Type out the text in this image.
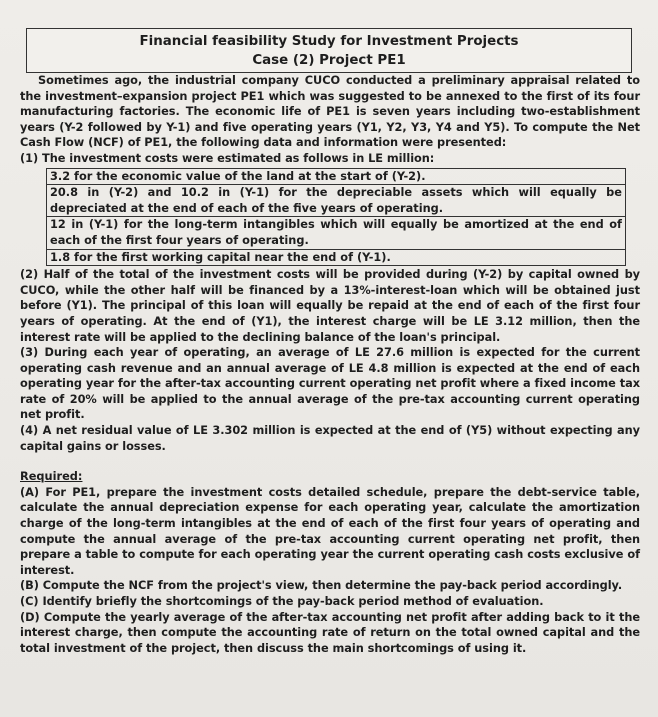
Financial feasibility Study for Investment Projects
Case (2) Project PE1

Sometimes ago, the industrial company CUCO conducted a preliminary appraisal related to the investment–expansion project PE1 which was suggested to be annexed to the first of its four manufacturing factories. The economic life of PE1 is seven years including two-establishment years (Y-2 followed by Y-1) and five operating years (Y1, Y2, Y3, Y4 and Y5). To compute the Net Cash Flow (NCF) of PE1, the following data and information were presented:

(1) The investment costs were estimated as follows in LE million:

3.2 for the economic value of the land at the start of (Y-2).
20.8 in (Y-2) and 10.2 in (Y-1) for the depreciable assets which will equally be depreciated at the end of each of the five years of operating.
12 in (Y-1) for the long-term intangibles which will equally be amortized at the end of each of the first four years of operating.
1.8 for the first working capital near the end of (Y-1).

(2) Half of the total of the investment costs will be provided during (Y-2) by capital owned by CUCO, while the other half will be financed by a 13%-interest-loan which will be obtained just before (Y1). The principal of this loan will equally be repaid at the end of each of the first four years of operating. At the end of (Y1), the interest charge will be LE 3.12 million, then the interest rate will be applied to the declining balance of the loan's principal.

(3) During each year of operating, an average of LE 27.6 million is expected for the current operating cash revenue and an annual average of LE 4.8 million is expected at the end of each operating year for the after-tax accounting current operating net profit where a fixed income tax rate of 20% will be applied to the annual average of the pre-tax accounting current operating net profit.

(4) A net residual value of LE 3.302 million is expected at the end of (Y5) without expecting any capital gains or losses.

Required:

(A) For PE1, prepare the investment costs detailed schedule, prepare the debt-service table, calculate the annual depreciation expense for each operating year, calculate the amortization charge of the long-term intangibles at the end of each of the first four years of operating and compute the annual average of the pre-tax accounting current operating net profit, then prepare a table to compute for each operating year the current operating cash costs exclusive of interest.

(B) Compute the NCF from the project's view, then determine the pay-back period accordingly.

(C) Identify briefly the shortcomings of the pay-back period method of evaluation.

(D) Compute the yearly average of the after-tax accounting net profit after adding back to it the interest charge, then compute the accounting rate of return on the total owned capital and the total investment of the project, then discuss the main shortcomings of using it.
